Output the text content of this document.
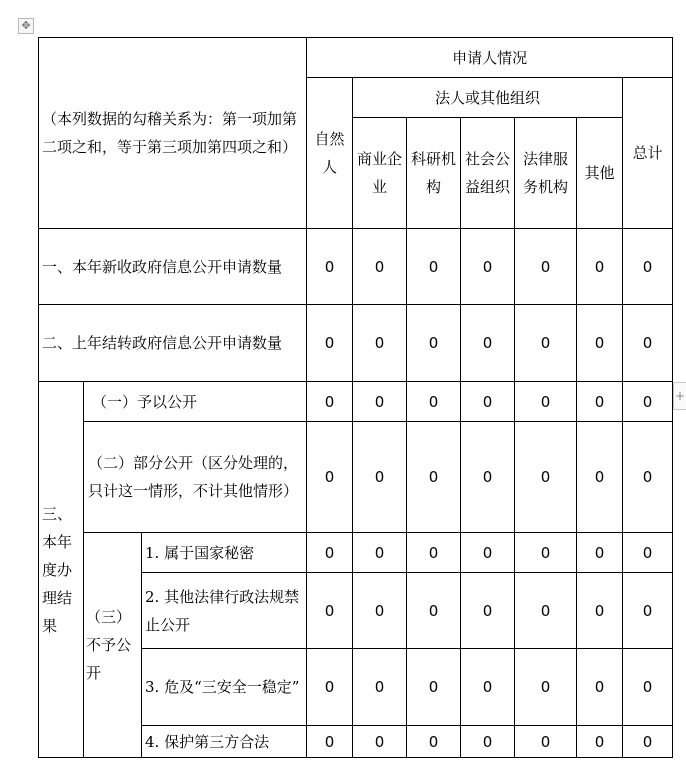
✥
+
（本列数据的勾稽关系为：第一项加第二项之和，等于第三项加第四项之和）			申请人情况						
			自然人	法人或其他组织					总计
				商业企业	科研机构	社会公益组织	法律服务机构	其他	
一、本年新收政府信息公开申请数量			0	0	0	0	0	0	0
二、上年结转政府信息公开申请数量			0	0	0	0	0	0	0
三、本年度办理结果	（一）予以公开		0	0	0	0	0	0	0
	（二）部分公开（区分处理的，只计这一情形，不计其他情形）		0	0	0	0	0	0	0
	（三）不予公开	1. 属于国家秘密	0	0	0	0	0	0	0
		2. 其他法律行政法规禁止公开	0	0	0	0	0	0	0
		3. 危及“三安全一稳定”	0	0	0	0	0	0	0
		4. 保护第三方合法	0	0	0	0	0	0	0
